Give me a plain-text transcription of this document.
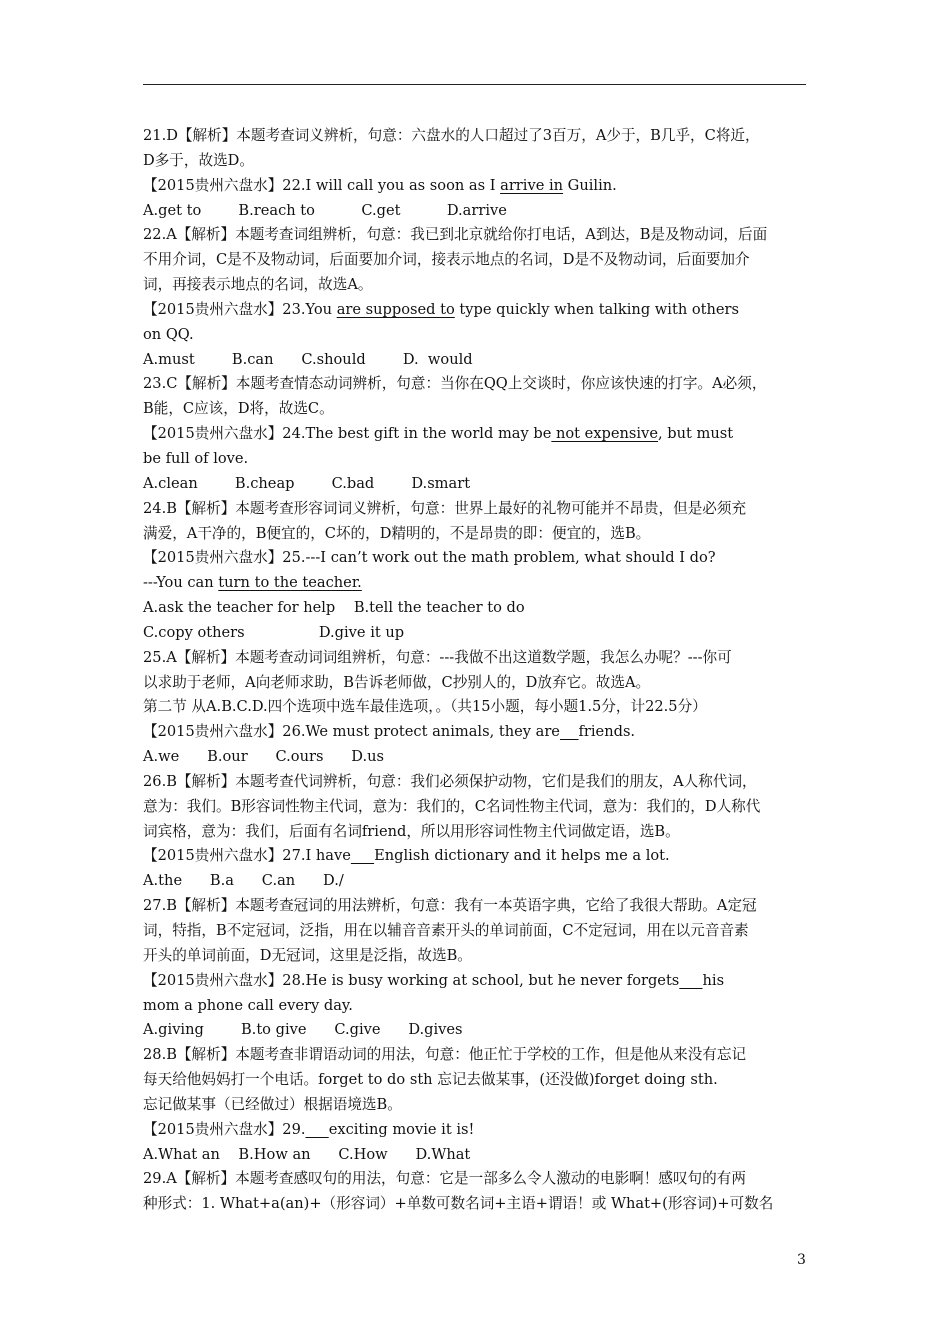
21.D【解析】本题考查词义辨析，句意：六盘水的人口超过了3百万，A少于，B几乎，C将近，
D多于，故选D。
【2015贵州六盘水】22.I will call you as soon as I arrive in Guilin.
A.get to        B.reach to          C.get          D.arrive
22.A【解析】本题考查词组辨析，句意：我已到北京就给你打电话，A到达，B是及物动词，后面
不用介词，C是不及物动词，后面要加介词，接表示地点的名词，D是不及物动词，后面要加介
词，再接表示地点的名词，故选A。
【2015贵州六盘水】23.You are supposed to type quickly when talking with others
on QQ.
A.must        B.can      C.should        D.  would
23.C【解析】本题考查情态动词辨析，句意：当你在QQ上交谈时，你应该快速的打字。A必须，
B能，C应该，D将，故选C。
【2015贵州六盘水】24.The best gift in the world may be not expensive, but must
be full of love.
A.clean        B.cheap        C.bad        D.smart
24.B【解析】本题考查形容词词义辨析，句意：世界上最好的礼物可能并不昂贵，但是必须充
满爱，A干净的，B便宜的，C坏的，D精明的，不是昂贵的即：便宜的，选B。
【2015贵州六盘水】25.---I can’t work out the math problem, what should I do?
---You can turn to the teacher.
A.ask the teacher for help    B.tell the teacher to do
C.copy others                D.give it up
25.A【解析】本题考查动词词组辨析，句意：---我做不出这道数学题，我怎么办呢？---你可
以求助于老师，A向老师求助，B告诉老师做，C抄别人的，D放弃它。故选A。
第二节 从A.B.C.D.四个选项中选车最佳选项，。（共15小题，每小题1.5分，计22.5分）
【2015贵州六盘水】26.We must protect animals, they are friends.
A.we      B.our      C.ours      D.us
26.B【解析】本题考查代词辨析，句意：我们必须保护动物，它们是我们的朋友，A人称代词，
意为：我们。B形容词性物主代词，意为：我们的，C名词性物主代词，意为：我们的，D人称代
词宾格，意为：我们，后面有名词friend，所以用形容词性物主代词做定语，选B。
【2015贵州六盘水】27.I have English dictionary and it helps me a lot.
A.the      B.a      C.an      D./
27.B【解析】本题考查冠词的用法辨析，句意：我有一本英语字典，它给了我很大帮助。A定冠
词，特指，B不定冠词，泛指，用在以辅音音素开头的单词前面，C不定冠词，用在以元音音素
开头的单词前面，D无冠词，这里是泛指，故选B。
【2015贵州六盘水】28.He is busy working at school, but he never forgets his
mom a phone call every day.
A.giving        B.to give      C.give      D.gives
28.B【解析】本题考查非谓语动词的用法，句意：他正忙于学校的工作，但是他从来没有忘记
每天给他妈妈打一个电话。forget to do sth 忘记去做某事，(还没做)forget doing sth.
忘记做某事（已经做过）根据语境选B。
【2015贵州六盘水】29. exciting movie it is!
A.What an    B.How an      C.How      D.What
29.A【解析】本题考查感叹句的用法，句意：它是一部多么令人激动的电影啊！感叹句的有两
种形式：1. What+a(an)+（形容词）+单数可数名词+主语+谓语！或 What+(形容词)+可数名
3
